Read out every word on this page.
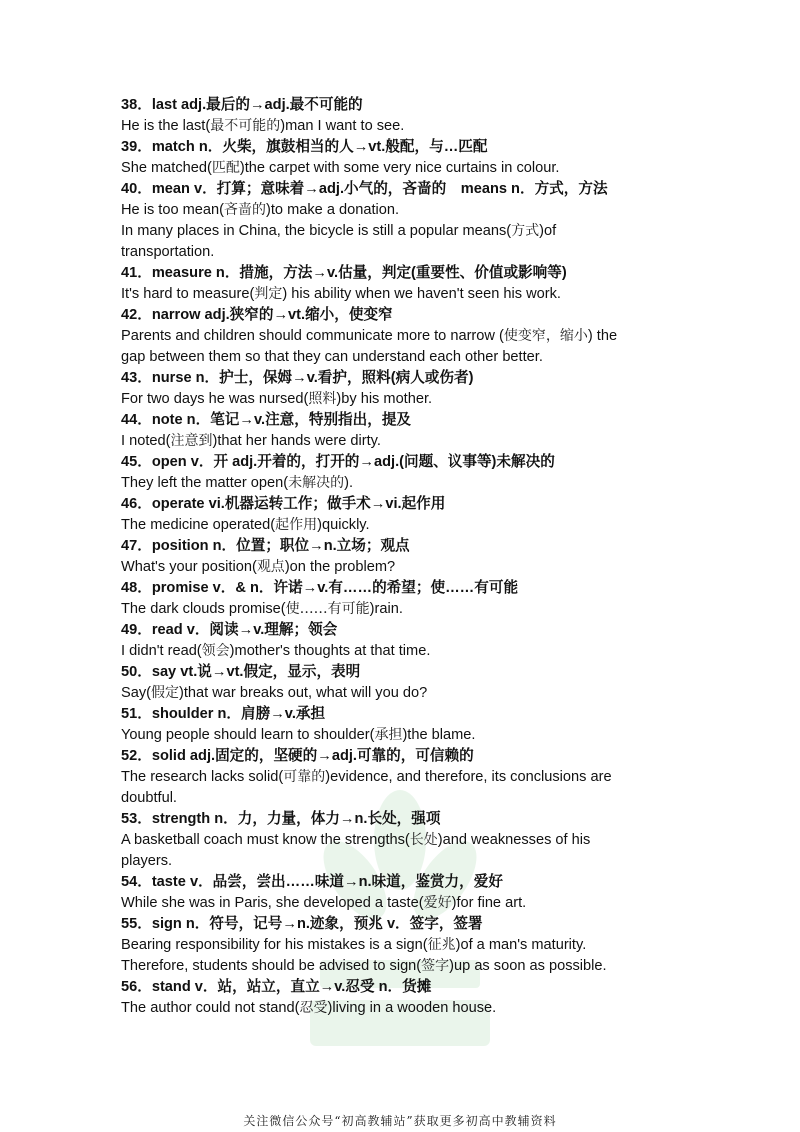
38．last adj.最后的→adj.最不可能的
He is the last(最不可能的)man I want to see.
39．match n．火柴，旗鼓相当的人→vt.般配，与…匹配
She matched(匹配)the carpet with some very nice curtains in colour.
40．mean v．打算；意味着→adj.小气的，吝啬的　means n．方式，方法
He is too mean(吝啬的)to make a donation.
In many places in China, the bicycle is still a popular means(方式)of
transportation.
41．measure n．措施，方法→v.估量，判定(重要性、价值或影响等)
It's hard to measure(判定) his ability when we haven't seen his work.
42．narrow adj.狭窄的→vt.缩小，使变窄
Parents and children should communicate more to narrow (使变窄，缩小) the
gap between them so that they can understand each other better.
43．nurse n．护士，保姆→v.看护，照料(病人或伤者)
For two days he was nursed(照料)by his mother.
44．note n．笔记→v.注意，特别指出，提及
I noted(注意到)that her hands were dirty.
45．open v．开 adj.开着的，打开的→adj.(问题、议事等)未解决的
They left the matter open(未解决的).
46．operate vi.机器运转工作；做手术→vi.起作用
The medicine operated(起作用)quickly.
47．position n．位置；职位→n.立场；观点
What's your position(观点)on the problem?
48．promise v．& n．许诺→v.有……的希望；使……有可能
The dark clouds promise(使……有可能)rain.
49．read v．阅读→v.理解；领会
I didn't read(领会)mother's thoughts at that time.
50．say vt.说→vt.假定，显示，表明
Say(假定)that war breaks out, what will you do?
51．shoulder n．肩膀→v.承担
Young people should learn to shoulder(承担)the blame.
52．solid adj.固定的，坚硬的→adj.可靠的，可信赖的
The research lacks solid(可靠的)evidence, and therefore, its conclusions are
doubtful.
53．strength n．力，力量，体力→n.长处，强项
A basketball coach must know the strengths(长处)and weaknesses of his
players.
54．taste v．品尝，尝出……味道→n.味道，鉴赏力，爱好
While she was in Paris, she developed a taste(爱好)for fine art.
55．sign n．符号，记号→n.迹象，预兆 v．签字，签署
Bearing responsibility for his mistakes is a sign(征兆)of a man's maturity.
Therefore, students should be advised to sign(签字)up as soon as possible.
56．stand v．站，站立，直立→v.忍受 n．货摊
The author could not stand(忍受)living in a wooden house.
关注微信公众号“初高教辅站”获取更多初高中教辅资料
